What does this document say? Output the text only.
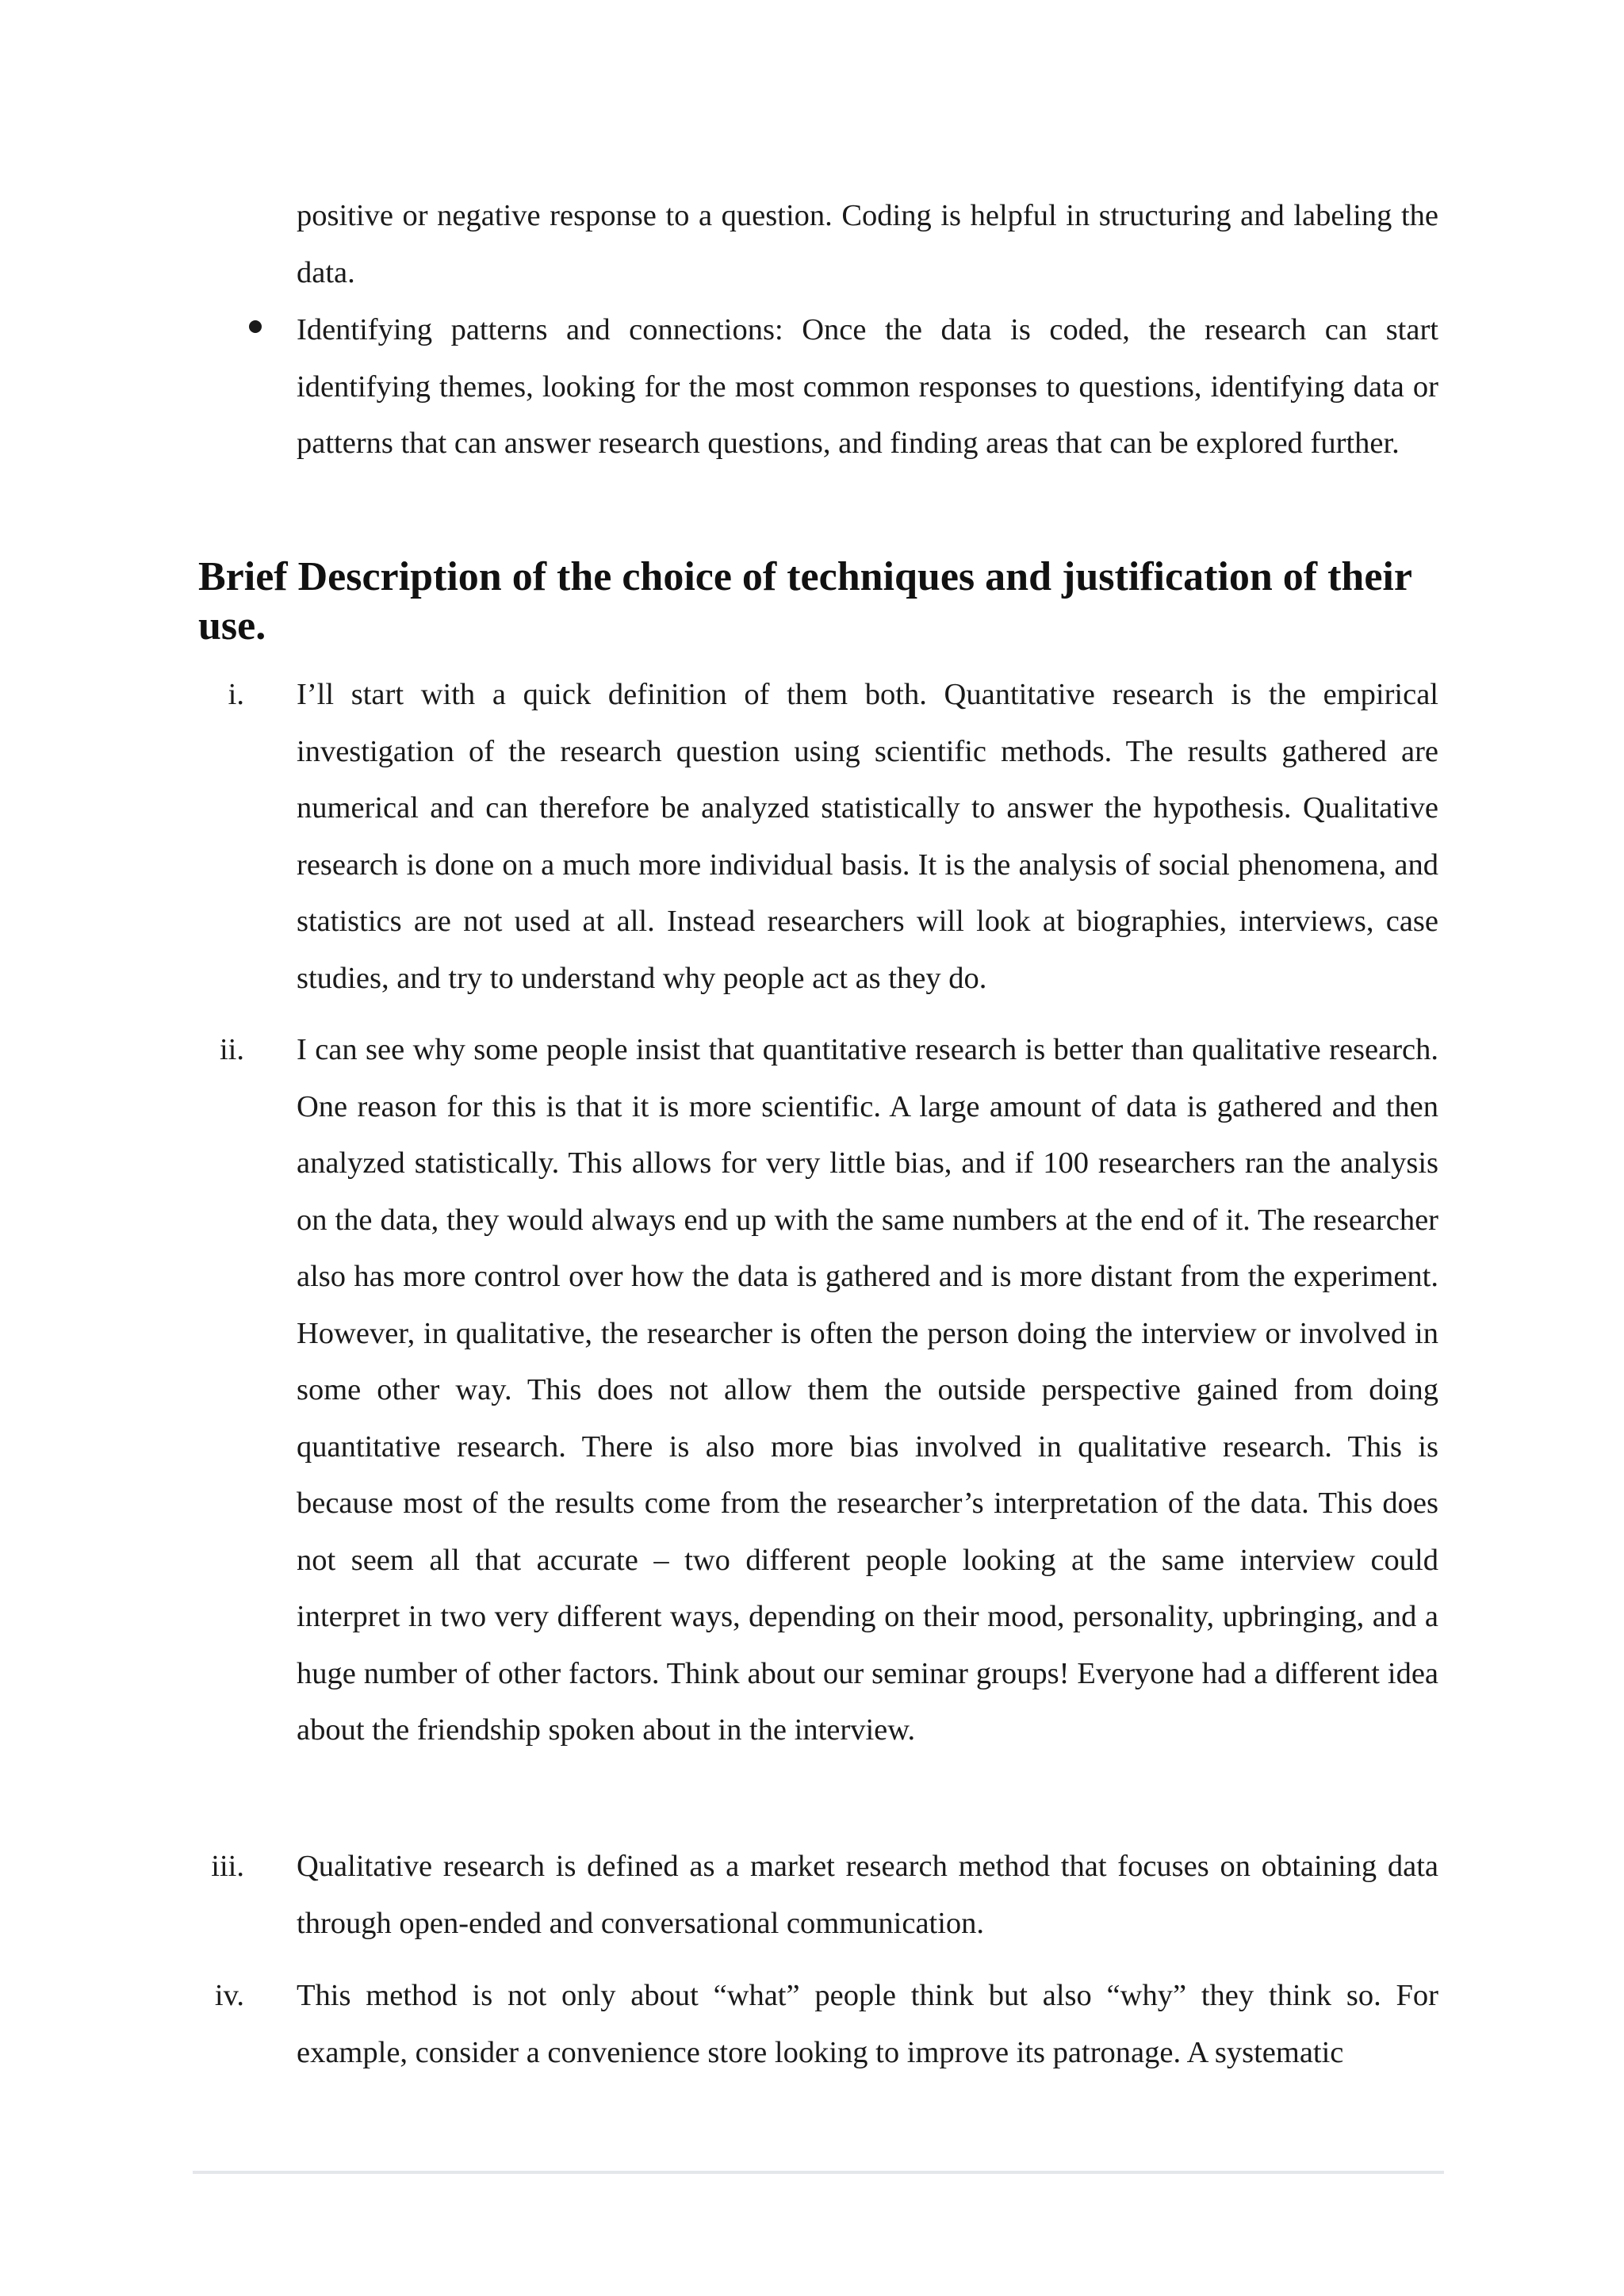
positive or negative response to a question. Coding is helpful in structuring and labeling the data.

Identifying patterns and connections: Once the data is coded, the research can start identifying themes, looking for the most common responses to questions, identifying data or patterns that can answer research questions, and finding areas that can be explored further.

Brief Description of the choice of techniques and justification of their use.
i. I’ll start with a quick definition of them both. Quantitative research is the empirical investigation of the research question using scientific methods. The results gathered are numerical and can therefore be analyzed statistically to answer the hypothesis. Qualitative research is done on a much more individual basis. It is the analysis of social phenomena, and statistics are not used at all. Instead researchers will look at biographies, interviews, case studies, and try to understand why people act as they do.

ii. I can see why some people insist that quantitative research is better than qualitative research. One reason for this is that it is more scientific. A large amount of data is gathered and then analyzed statistically. This allows for very little bias, and if 100 researchers ran the analysis on the data, they would always end up with the same numbers at the end of it. The researcher also has more control over how the data is gathered and is more distant from the experiment. However, in qualitative, the researcher is often the person doing the interview or involved in some other way. This does not allow them the outside perspective gained from doing quantitative research. There is also more bias involved in qualitative research. This is because most of the results come from the researcher’s interpretation of the data. This does not seem all that accurate – two different people looking at the same interview could interpret in two very different ways, depending on their mood, personality, upbringing, and a huge number of other factors. Think about our seminar groups! Everyone had a different idea about the friendship spoken about in the interview.

iii. Qualitative research is defined as a market research method that focuses on obtaining data through open-ended and conversational communication.

iv. This method is not only about “what” people think but also “why” they think so. For example, consider a convenience store looking to improve its patronage. A systematic
